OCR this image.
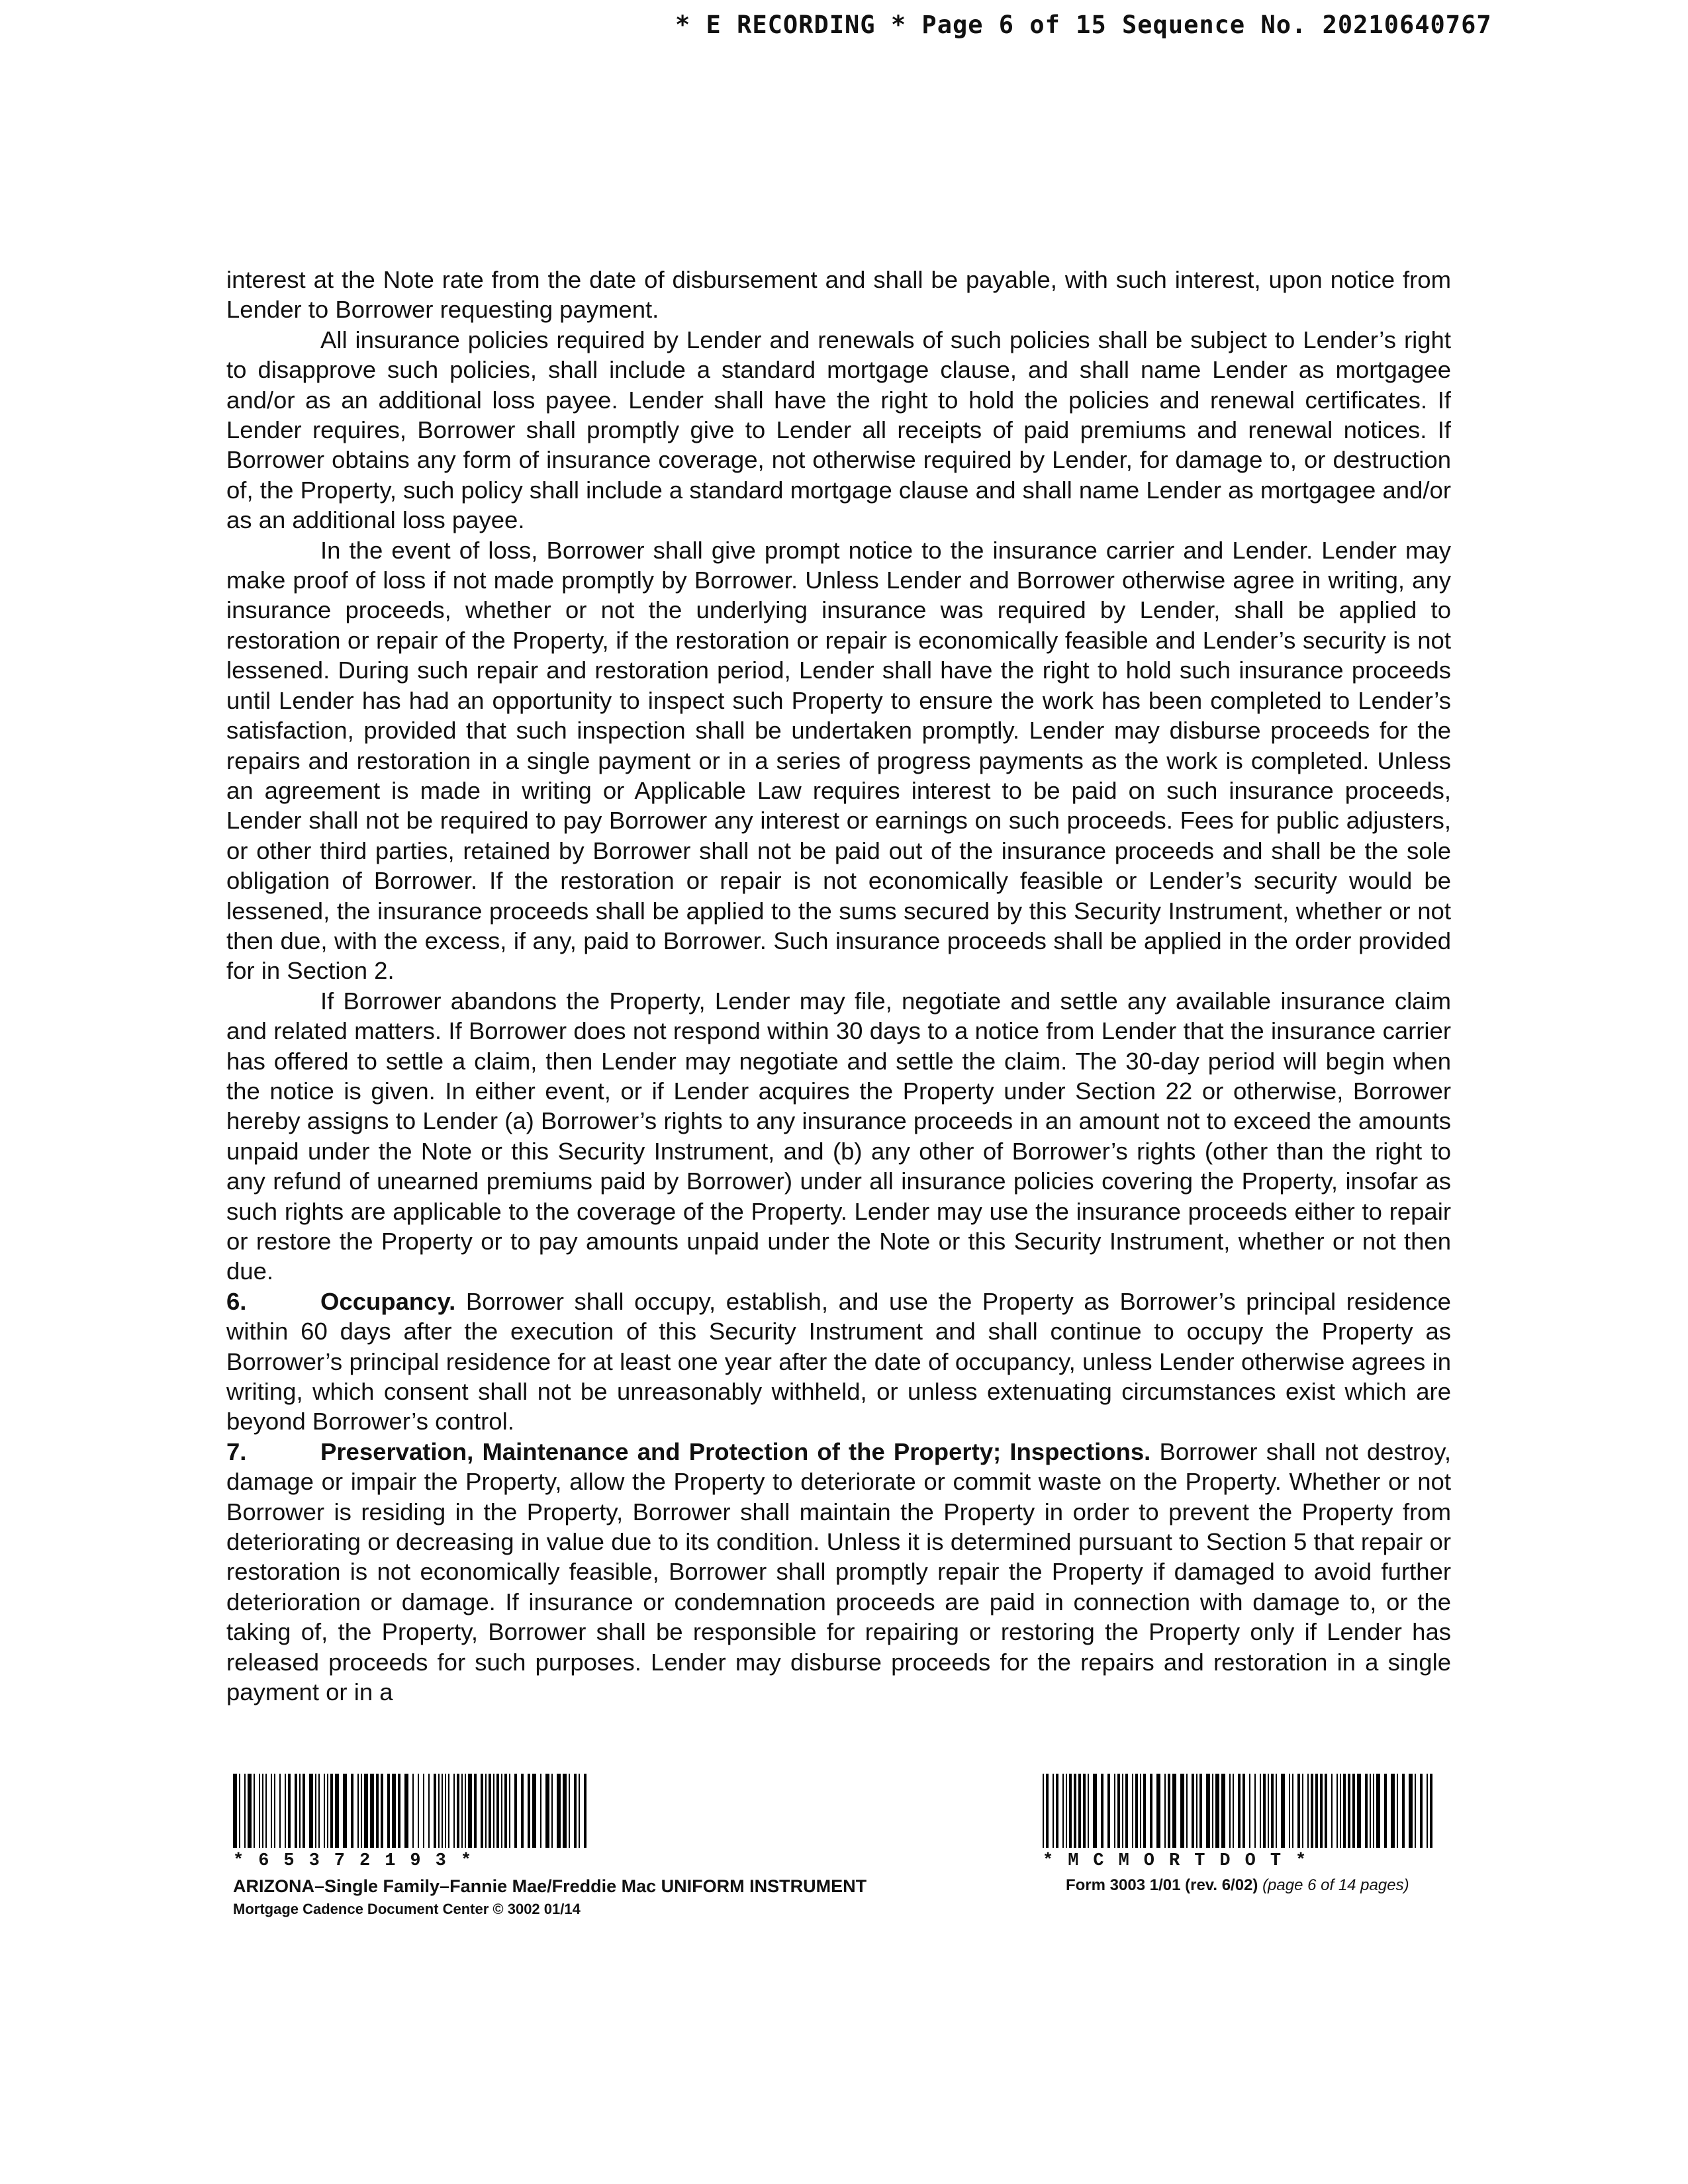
* E RECORDING * Page 6 of 15 Sequence No. 20210640767

interest at the Note rate from the date of disbursement and shall be payable, with such interest, upon notice from Lender to Borrower requesting payment.

All insurance policies required by Lender and renewals of such policies shall be subject to Lender’s right to disapprove such policies, shall include a standard mortgage clause, and shall name Lender as mortgagee and/or as an additional loss payee. Lender shall have the right to hold the policies and renewal certificates. If Lender requires, Borrower shall promptly give to Lender all receipts of paid premiums and renewal notices. If Borrower obtains any form of insurance coverage, not otherwise required by Lender, for damage to, or destruction of, the Property, such policy shall include a standard mortgage clause and shall name Lender as mortgagee and/or as an additional loss payee.

In the event of loss, Borrower shall give prompt notice to the insurance carrier and Lender. Lender may make proof of loss if not made promptly by Borrower. Unless Lender and Borrower otherwise agree in writing, any insurance proceeds, whether or not the underlying insurance was required by Lender, shall be applied to restoration or repair of the Property, if the restoration or repair is economically feasible and Lender’s security is not lessened. During such repair and restoration period, Lender shall have the right to hold such insurance proceeds until Lender has had an opportunity to inspect such Property to ensure the work has been completed to Lender’s satisfaction, provided that such inspection shall be undertaken promptly. Lender may disburse proceeds for the repairs and restoration in a single payment or in a series of progress payments as the work is completed. Unless an agreement is made in writing or Applicable Law requires interest to be paid on such insurance proceeds, Lender shall not be required to pay Borrower any interest or earnings on such proceeds. Fees for public adjusters, or other third parties, retained by Borrower shall not be paid out of the insurance proceeds and shall be the sole obligation of Borrower. If the restoration or repair is not economically feasible or Lender’s security would be lessened, the insurance proceeds shall be applied to the sums secured by this Security Instrument, whether or not then due, with the excess, if any, paid to Borrower. Such insurance proceeds shall be applied in the order provided for in Section 2.

If Borrower abandons the Property, Lender may file, negotiate and settle any available insurance claim and related matters. If Borrower does not respond within 30 days to a notice from Lender that the insurance carrier has offered to settle a claim, then Lender may negotiate and settle the claim. The 30-day period will begin when the notice is given. In either event, or if Lender acquires the Property under Section 22 or otherwise, Borrower hereby assigns to Lender (a) Borrower’s rights to any insurance proceeds in an amount not to exceed the amounts unpaid under the Note or this Security Instrument, and (b) any other of Borrower’s rights (other than the right to any refund of unearned premiums paid by Borrower) under all insurance policies covering the Property, insofar as such rights are applicable to the coverage of the Property. Lender may use the insurance proceeds either to repair or restore the Property or to pay amounts unpaid under the Note or this Security Instrument, whether or not then due.

6.	Occupancy. Borrower shall occupy, establish, and use the Property as Borrower’s principal residence within 60 days after the execution of this Security Instrument and shall continue to occupy the Property as Borrower’s principal residence for at least one year after the date of occupancy, unless Lender otherwise agrees in writing, which consent shall not be unreasonably withheld, or unless extenuating circumstances exist which are beyond Borrower’s control.

7.	Preservation, Maintenance and Protection of the Property; Inspections. Borrower shall not destroy, damage or impair the Property, allow the Property to deteriorate or commit waste on the Property. Whether or not Borrower is residing in the Property, Borrower shall maintain the Property in order to prevent the Property from deteriorating or decreasing in value due to its condition. Unless it is determined pursuant to Section 5 that repair or restoration is not economically feasible, Borrower shall promptly repair the Property if damaged to avoid further deterioration or damage. If insurance or condemnation proceeds are paid in connection with damage to, or the taking of, the Property, Borrower shall be responsible for repairing or restoring the Property only if Lender has released proceeds for such purposes. Lender may disburse proceeds for the repairs and restoration in a single payment or in a

*65372193*	*MCMORTDOT*
ARIZONA–Single Family–Fannie Mae/Freddie Mac UNIFORM INSTRUMENT
Mortgage Cadence Document Center © 3002 01/14
Form 3003 1/01 (rev. 6/02) (page 6 of 14 pages)
